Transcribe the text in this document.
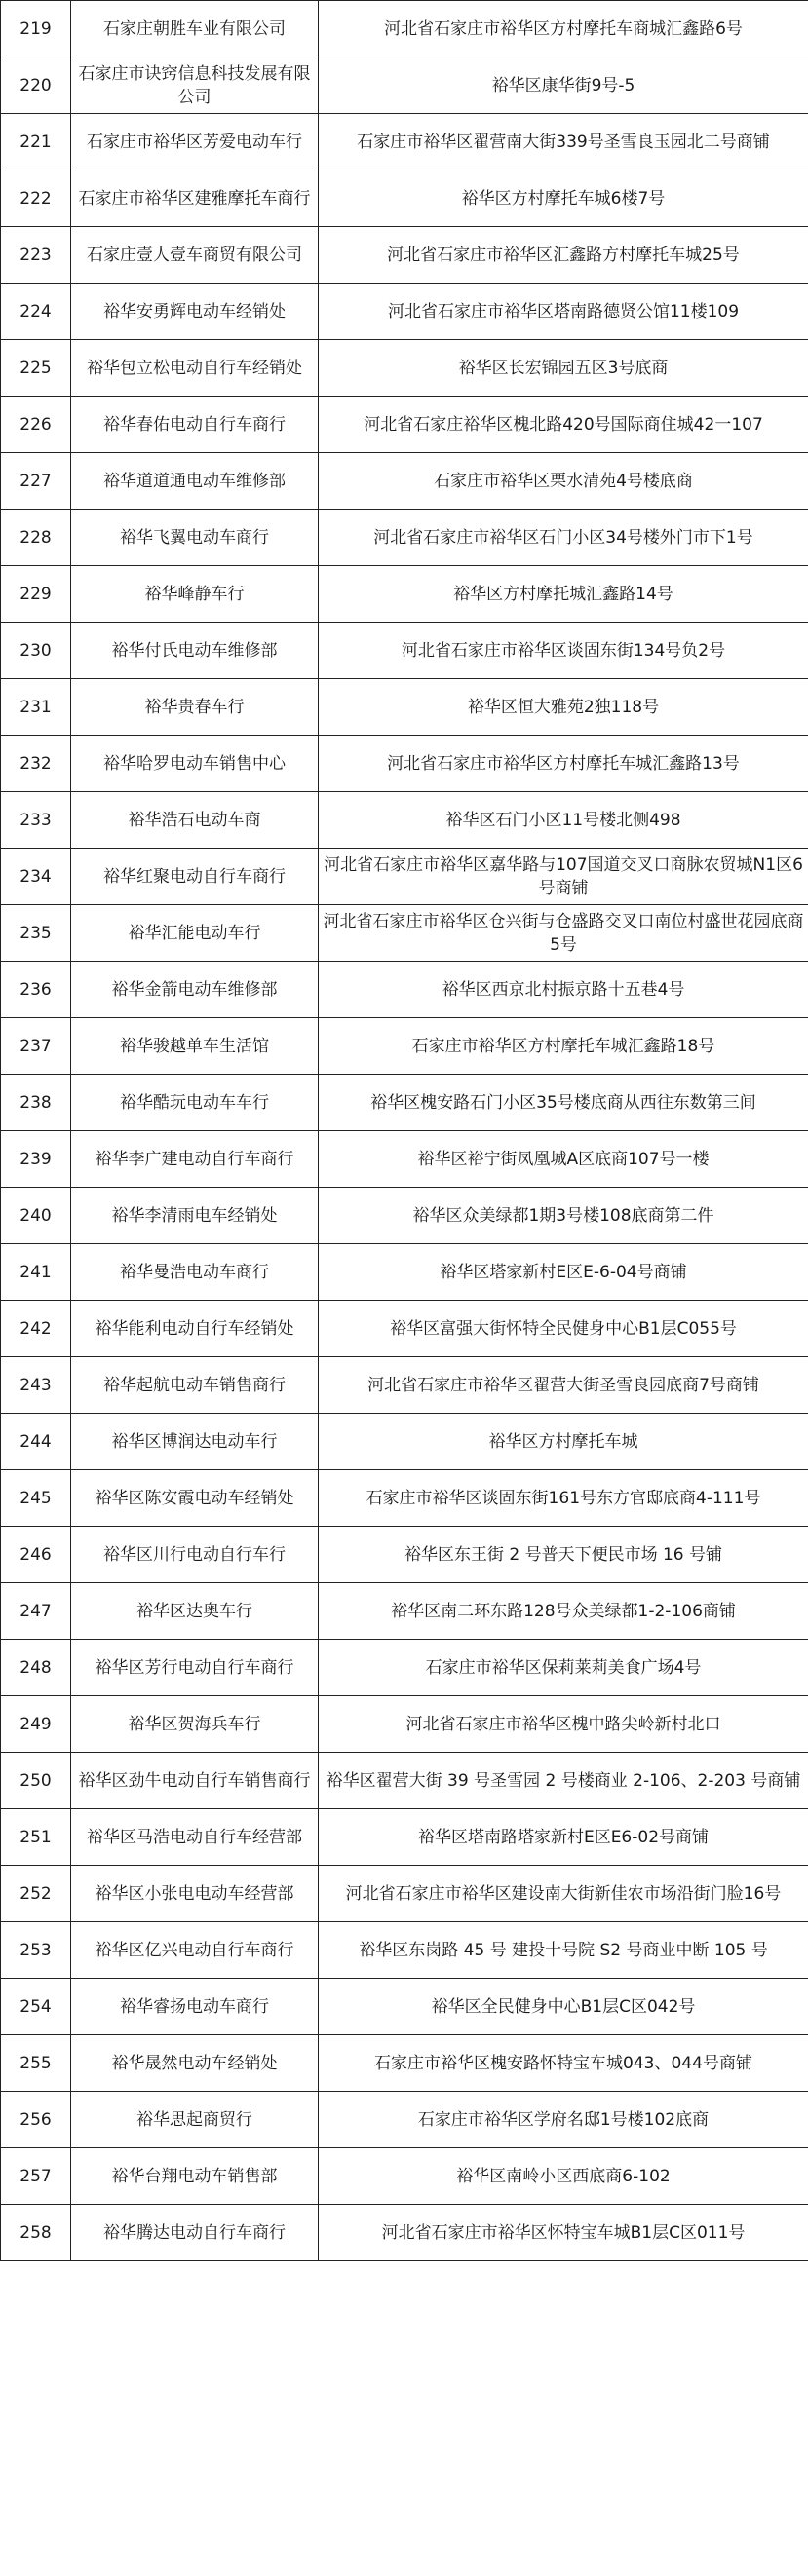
219	石家庄朝胜车业有限公司	河北省石家庄市裕华区方村摩托车商城汇鑫路6号
220	石家庄市诀窍信息科技发展有限公司	裕华区康华街9号-5
221	石家庄市裕华区芳爱电动车行	石家庄市裕华区翟营南大街339号圣雪良玉园北二号商铺
222	石家庄市裕华区建雅摩托车商行	裕华区方村摩托车城6楼7号
223	石家庄壹人壹车商贸有限公司	河北省石家庄市裕华区汇鑫路方村摩托车城25号
224	裕华安勇辉电动车经销处	河北省石家庄市裕华区塔南路德贤公馆11楼109
225	裕华包立松电动自行车经销处	裕华区长宏锦园五区3号底商
226	裕华春佑电动自行车商行	河北省石家庄裕华区槐北路420号国际商住城42一107
227	裕华道道通电动车维修部	石家庄市裕华区栗水清苑4号楼底商
228	裕华飞翼电动车商行	河北省石家庄市裕华区石门小区34号楼外门市下1号
229	裕华峰静车行	裕华区方村摩托城汇鑫路14号
230	裕华付氏电动车维修部	河北省石家庄市裕华区谈固东街134号负2号
231	裕华贵春车行	裕华区恒大雅苑2独118号
232	裕华哈罗电动车销售中心	河北省石家庄市裕华区方村摩托车城汇鑫路13号
233	裕华浩石电动车商	裕华区石门小区11号楼北侧498
234	裕华红聚电动自行车商行	河北省石家庄市裕华区嘉华路与107国道交叉口商脉农贸城N1区6号商铺
235	裕华汇能电动车行	河北省石家庄市裕华区仓兴街与仓盛路交叉口南位村盛世花园底商5号
236	裕华金箭电动车维修部	裕华区西京北村振京路十五巷4号
237	裕华骏越单车生活馆	石家庄市裕华区方村摩托车城汇鑫路18号
238	裕华酷玩电动车车行	裕华区槐安路石门小区35号楼底商从西往东数第三间
239	裕华李广建电动自行车商行	裕华区裕宁街凤凰城A区底商107号一楼
240	裕华李清雨电车经销处	裕华区众美绿都1期3号楼108底商第二件
241	裕华曼浩电动车商行	裕华区塔家新村E区E-6-04号商铺
242	裕华能利电动自行车经销处	裕华区富强大街怀特全民健身中心B1层C055号
243	裕华起航电动车销售商行	河北省石家庄市裕华区翟营大街圣雪良园底商7号商铺
244	裕华区博润达电动车行	裕华区方村摩托车城
245	裕华区陈安霞电动车经销处	石家庄市裕华区谈固东街161号东方官邸底商4-111号
246	裕华区川行电动自行车行	裕华区东王街 2 号普天下便民市场 16 号铺
247	裕华区达奥车行	裕华区南二环东路128号众美绿都1-2-106商铺
248	裕华区芳行电动自行车商行	石家庄市裕华区保莉莱莉美食广场4号
249	裕华区贺海兵车行	河北省石家庄市裕华区槐中路尖岭新村北口
250	裕华区劲牛电动自行车销售商行	裕华区翟营大街 39 号圣雪园 2 号楼商业 2-106、2-203 号商铺
251	裕华区马浩电动自行车经营部	裕华区塔南路塔家新村E区E6-02号商铺
252	裕华区小张电电动车经营部	河北省石家庄市裕华区建设南大街新佳农市场沿街门脸16号
253	裕华区亿兴电动自行车商行	裕华区东岗路 45 号 建投十号院 S2 号商业中断 105 号
254	裕华睿扬电动车商行	裕华区全民健身中心B1层C区042号
255	裕华晟然电动车经销处	石家庄市裕华区槐安路怀特宝车城043、044号商铺
256	裕华思起商贸行	石家庄市裕华区学府名邸1号楼102底商
257	裕华台翔电动车销售部	裕华区南岭小区西底商6-102
258	裕华腾达电动自行车商行	河北省石家庄市裕华区怀特宝车城B1层C区011号
